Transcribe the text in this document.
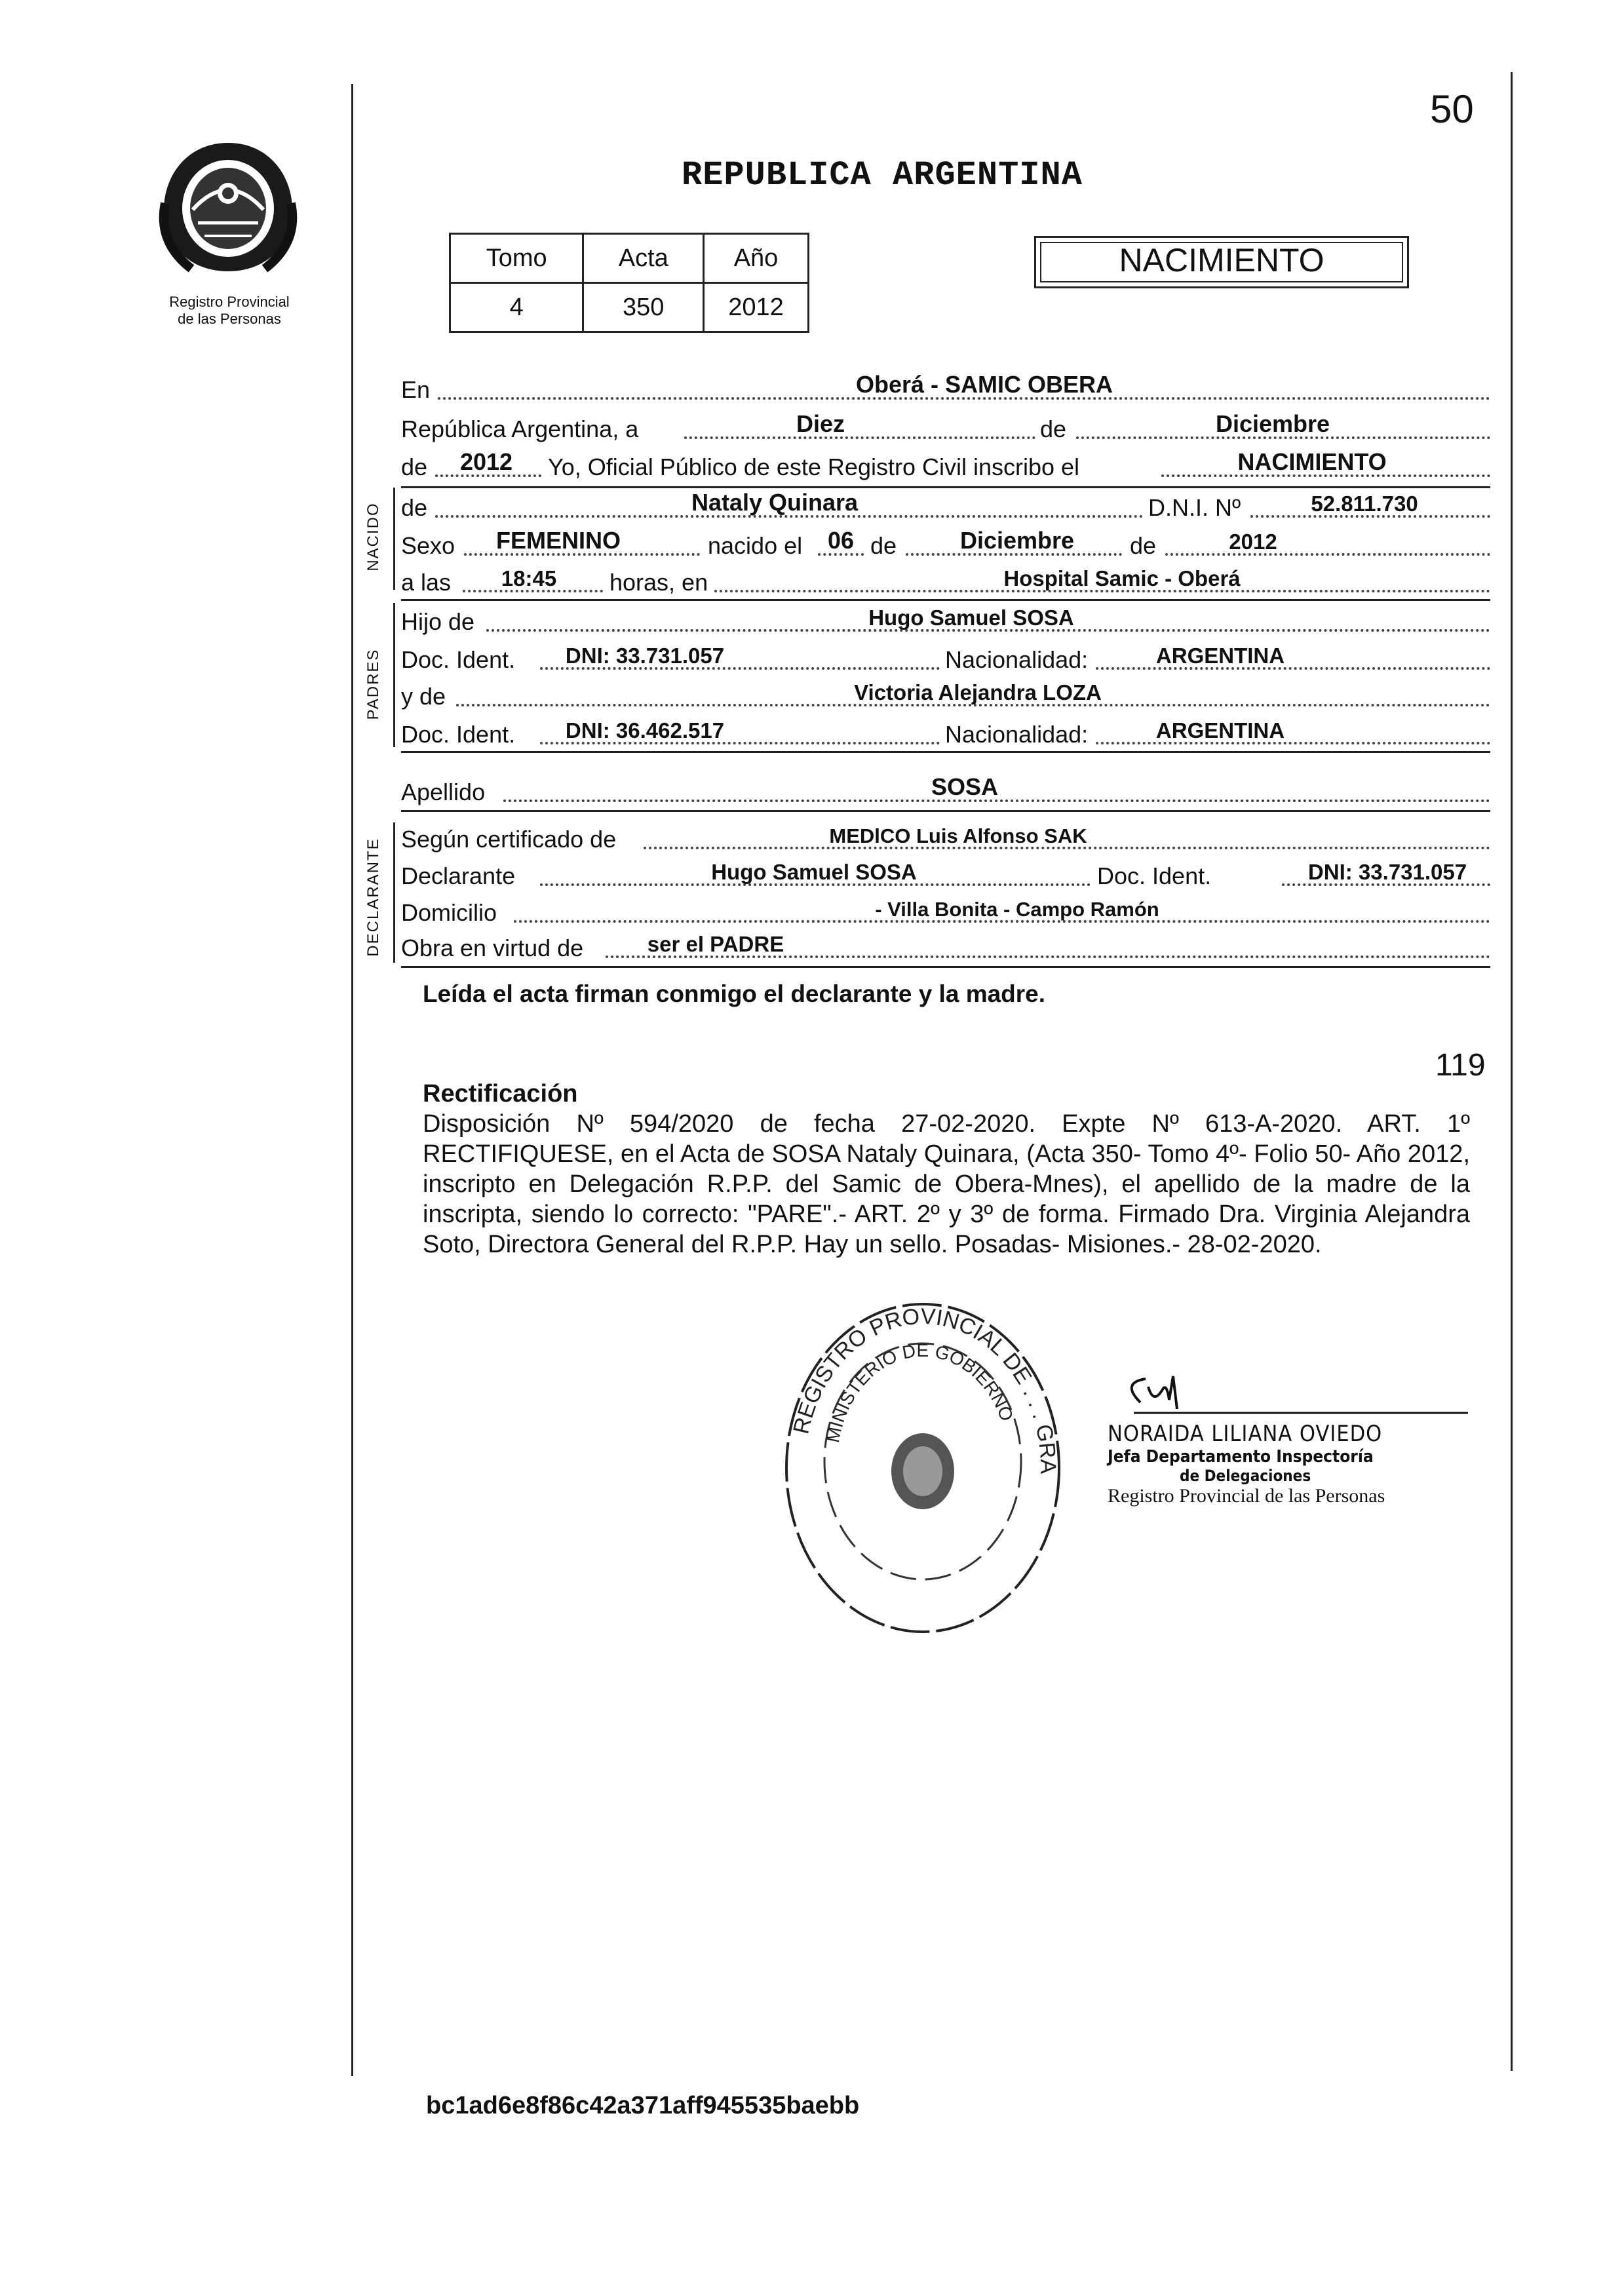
Registro Provincial
de las Personas
50
REPUBLICA ARGENTINA
Tomo	Acta	Año
4	350	2012
NACIMIENTO
NACIDO
PADRES
DECLARANTE
En	Oberá - SAMIC OBERA
República Argentina, a	Diez	de	Diciembre
de	2012	Yo, Oficial Público de este Registro Civil inscribo el	NACIMIENTO
de	Nataly Quinara	D.N.I. Nº	52.811.730
Sexo	FEMENINO	nacido el	06 de	Diciembre	de	2012
a las	18:45	horas, en	Hospital Samic - Oberá
Hijo de	Hugo Samuel SOSA
Doc. Ident.	DNI: 33.731.057	Nacionalidad:	ARGENTINA
y de	Victoria Alejandra LOZA
Doc. Ident.	DNI: 36.462.517	Nacionalidad:	ARGENTINA
Apellido	SOSA
Según certificado de	MEDlCO Luis Alfonso SAK
Declarante	Hugo Samuel SOSA	Doc. Ident.	DNI: 33.731.057
Domicilio	- Villa Bonita - Campo Ramón
Obra en virtud de	ser el PADRE
Leída el acta firman conmigo el declarante y la madre.
119
Rectificación
Disposición Nº 594/2020 de fecha 27-02-2020. Expte Nº 613-A-2020. ART. 1º RECTIFIQUESE, en el Acta de SOSA Nataly Quinara, (Acta 350- Tomo 4º- Folio 50- Año 2012, inscripto en Delegación R.P.P. del Samic de Obera-Mnes), el apellido de la madre de la inscripta, siendo lo correcto: "PARE".- ART. 2º y 3º de forma. Firmado Dra. Virginia Alejandra Soto, Directora General del R.P.P. Hay un sello. Posadas- Misiones.- 28-02-2020.
REGISTRO PROVINCIAL DE . . . GRA
MINISTERIO DE GOBIERNO
NORAIDA LILIANA OVIEDO
Jefa Departamento Inspectoría
de Delegaciones
Registro Provincial de las Personas
bc1ad6e8f86c42a371aff945535baebb
